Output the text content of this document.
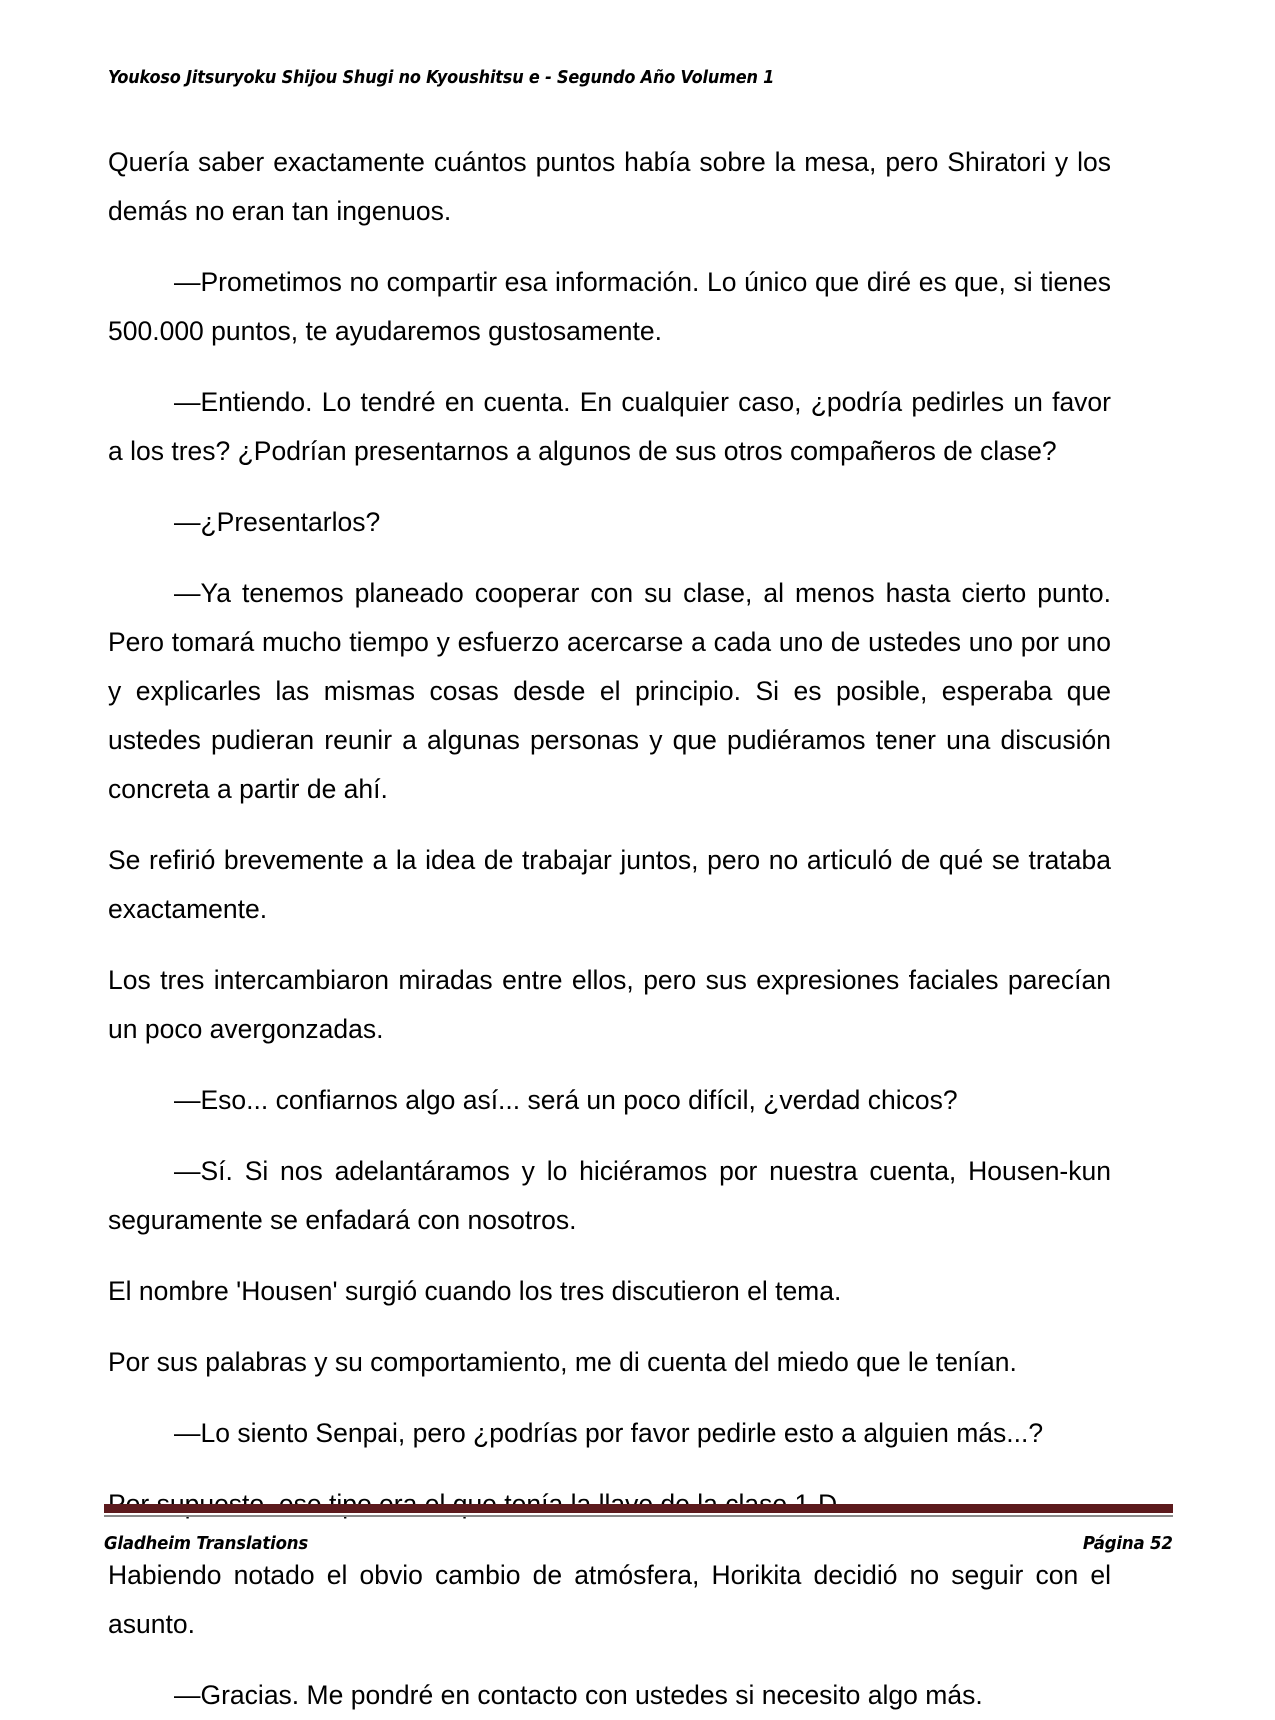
Youkoso Jitsuryoku Shijou Shugi no Kyoushitsu e - Segundo Año Volumen 1

Quería saber exactamente cuántos puntos había sobre la mesa, pero Shiratori y los demás no eran tan ingenuos.

—Prometimos no compartir esa información. Lo único que diré es que, si tienes 500.000 puntos, te ayudaremos gustosamente.

—Entiendo. Lo tendré en cuenta. En cualquier caso, ¿podría pedirles un favor a los tres? ¿Podrían presentarnos a algunos de sus otros compañeros de clase?

—¿Presentarlos?

—Ya tenemos planeado cooperar con su clase, al menos hasta cierto punto. Pero tomará mucho tiempo y esfuerzo acercarse a cada uno de ustedes uno por uno y explicarles las mismas cosas desde el principio. Si es posible, esperaba que ustedes pudieran reunir a algunas personas y que pudiéramos tener una discusión concreta a partir de ahí.

Se refirió brevemente a la idea de trabajar juntos, pero no articuló de qué se trataba exactamente.

Los tres intercambiaron miradas entre ellos, pero sus expresiones faciales parecían un poco avergonzadas.

—Eso... confiarnos algo así... será un poco difícil, ¿verdad chicos?

—Sí. Si nos adelantáramos y lo hiciéramos por nuestra cuenta, Housen-kun seguramente se enfadará con nosotros.

El nombre 'Housen' surgió cuando los tres discutieron el tema.

Por sus palabras y su comportamiento, me di cuenta del miedo que le tenían.

—Lo siento Senpai, pero ¿podrías por favor pedirle esto a alguien más...?

Habiendo notado el obvio cambio de atmósfera, Horikita decidió no seguir con el asunto.

—Gracias. Me pondré en contacto con ustedes si necesito algo más.

Gladheim Translations	Página 52
